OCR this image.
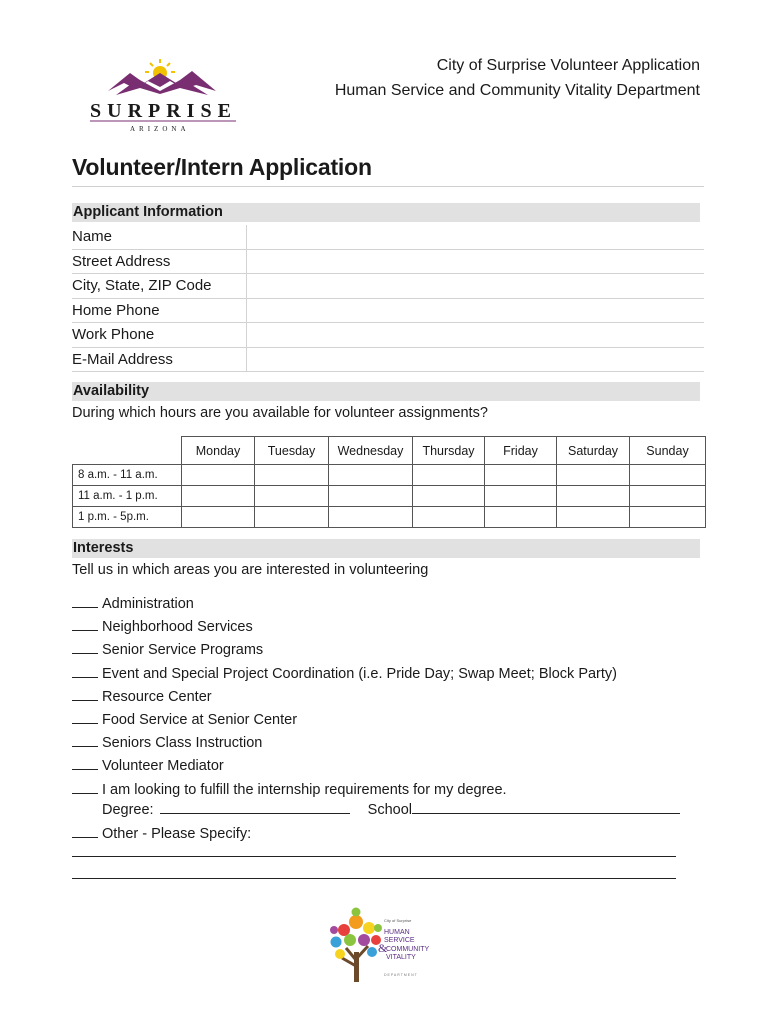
SURPRISE
ARIZONA
City of Surprise Volunteer Application
Human Service and Community Vitality Department
Volunteer/Intern Application
Applicant Information
Name
Street Address
City, State, ZIP Code
Home Phone
Work Phone
E-Mail Address
Availability
During which hours are you available for volunteer assignments?
	Monday	Tuesday	Wednesday	Thursday	Friday	Saturday	Sunday
8 a.m. - 11 a.m.							
11 a.m. - 1 p.m.							
1 p.m. - 5p.m.							
Interests
Tell us in which areas you are interested in volunteering
Administration
Neighborhood Services
Senior Service Programs
Event and Special Project Coordination (i.e. Pride Day; Swap Meet; Block Party)
Resource Center
Food Service at Senior Center
Seniors Class Instruction
Volunteer Mediator
I am looking to fulfill the internship requirements for my degree.
Degree:	School
Other - Please Specify:
City of Surprise
HUMAN
SERVICE
&
COMMUNITY
VITALITY
DEPARTMENT
